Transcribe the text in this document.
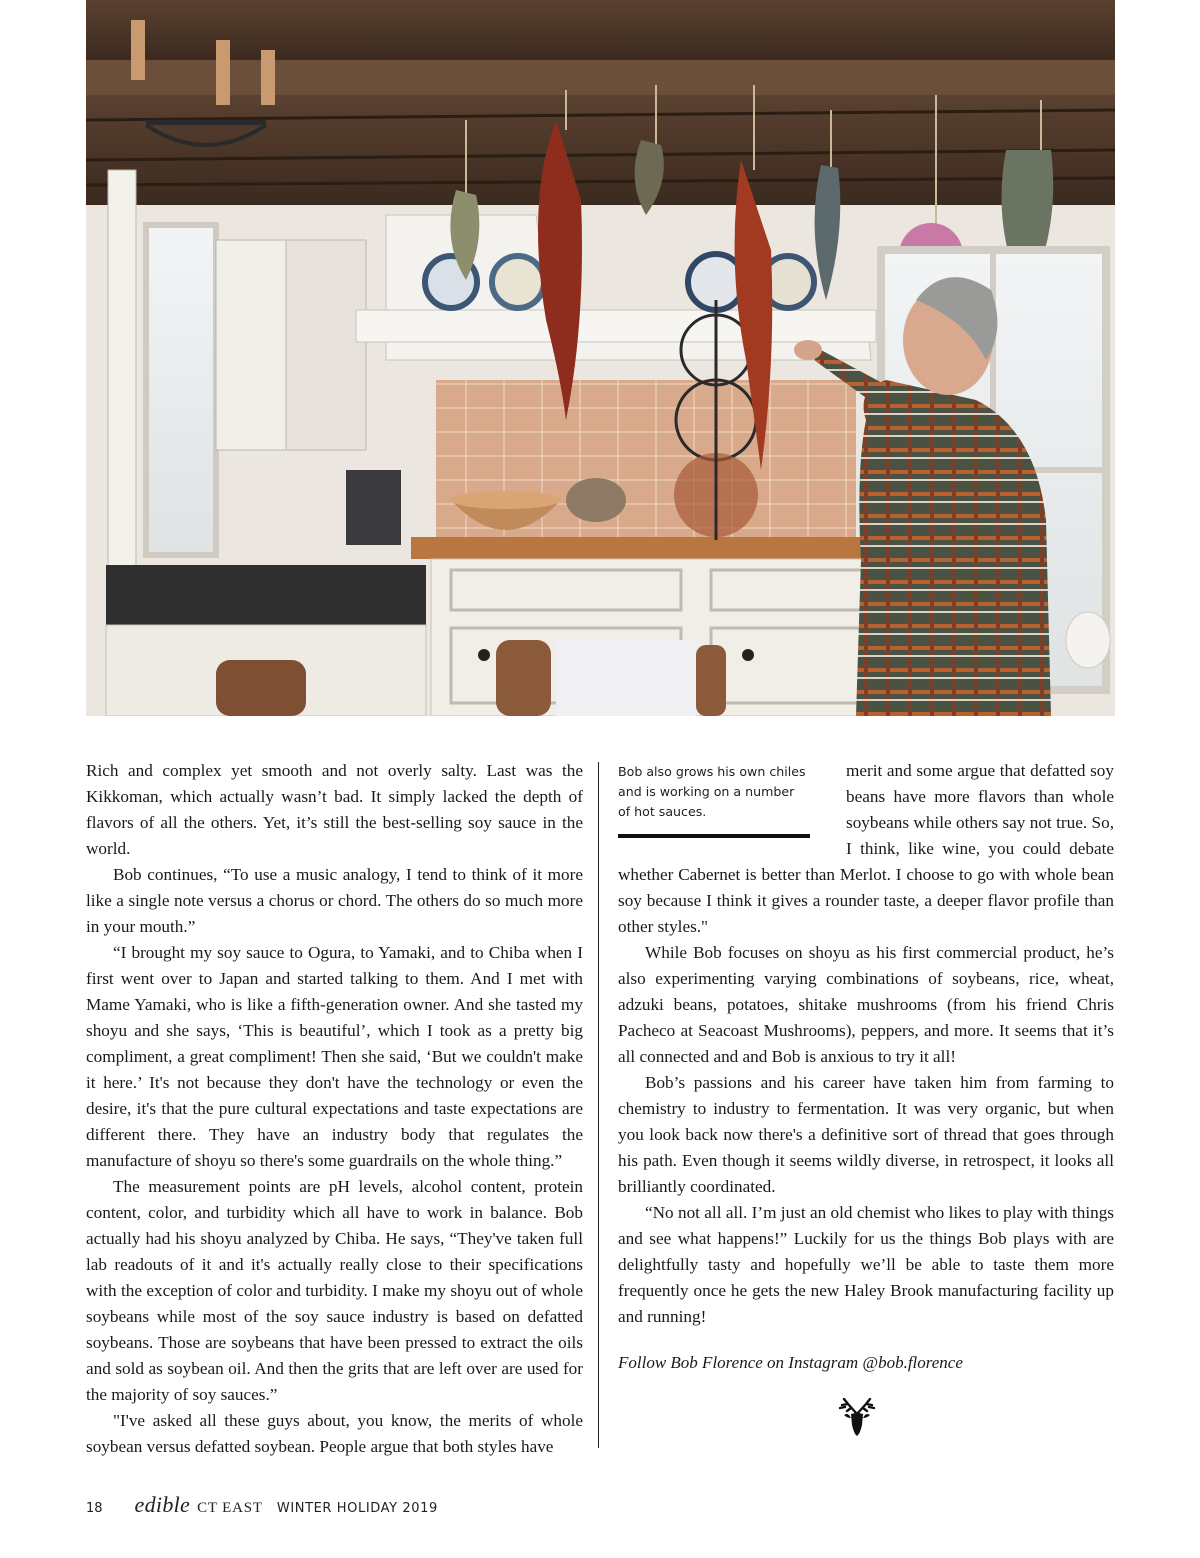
Rich and complex yet smooth and not overly salty. Last was the Kikkoman, which actually wasn’t bad. It simply lacked the depth of flavors of all the others. Yet, it’s still the best-selling soy sauce in the world.

Bob continues, “To use a music analogy, I tend to think of it more like a single note versus a chorus or chord. The others do so much more in your mouth.”

“I brought my soy sauce to Ogura, to Yamaki, and to Chiba when I first went over to Japan and started talking to them. And I met with Mame Yamaki, who is like a fifth-generation owner. And she tasted my shoyu and she says, ‘This is beautiful’, which I took as a pretty big compliment, a great compliment! Then she said, ‘But we couldn't make it here.’ It's not because they don't have the technology or even the desire, it's that the pure cultural expectations and taste expectations are different there. They have an industry body that regulates the manufacture of shoyu so there's some guardrails on the whole thing.”

The measurement points are pH levels, alcohol content, protein content, color, and turbidity which all have to work in balance. Bob actually had his shoyu analyzed by Chiba. He says, “They've taken full lab readouts of it and it's actually really close to their specifications with the exception of color and turbidity. I make my shoyu out of whole soybeans while most of the soy sauce industry is based on defatted soybeans. Those are soybeans that have been pressed to extract the oils and sold as soybean oil. And then the grits that are left over are used for the majority of soy sauces.”

"I've asked all these guys about, you know, the merits of whole soybean versus defatted soybean. People argue that both styles have

Bob also grows his own chiles and is working on a number of hot sauces.

merit and some argue that defatted soy beans have more flavors than whole soybeans while others say not true. So, I think, like wine, you could debate whether Cabernet is better than Merlot. I choose to go with whole bean soy because I think it gives a rounder taste, a deeper flavor profile than other styles."

While Bob focuses on shoyu as his first commercial product, he’s also experimenting varying combinations of soybeans, rice, wheat, adzuki beans, potatoes, shitake mushrooms (from his friend Chris Pacheco at Seacoast Mushrooms), peppers, and more. It seems that it’s all connected and and Bob is anxious to try it all!

Bob’s passions and his career have taken him from farming to chemistry to industry to fermentation. It was very organic, but when you look back now there's a definitive sort of thread that goes through his path. Even though it seems wildly diverse, in retrospect, it looks all brilliantly coordinated.

“No not all all. I’m just an old chemist who likes to play with things and see what happens!” Luckily for us the things Bob plays with are delightfully tasty and hopefully we’ll be able to taste them more frequently once he gets the new Haley Brook manufacturing facility up and running!

Follow Bob Florence on Instagram @bob.florence
18 edible CT EAST WINTER HOLIDAY 2019
